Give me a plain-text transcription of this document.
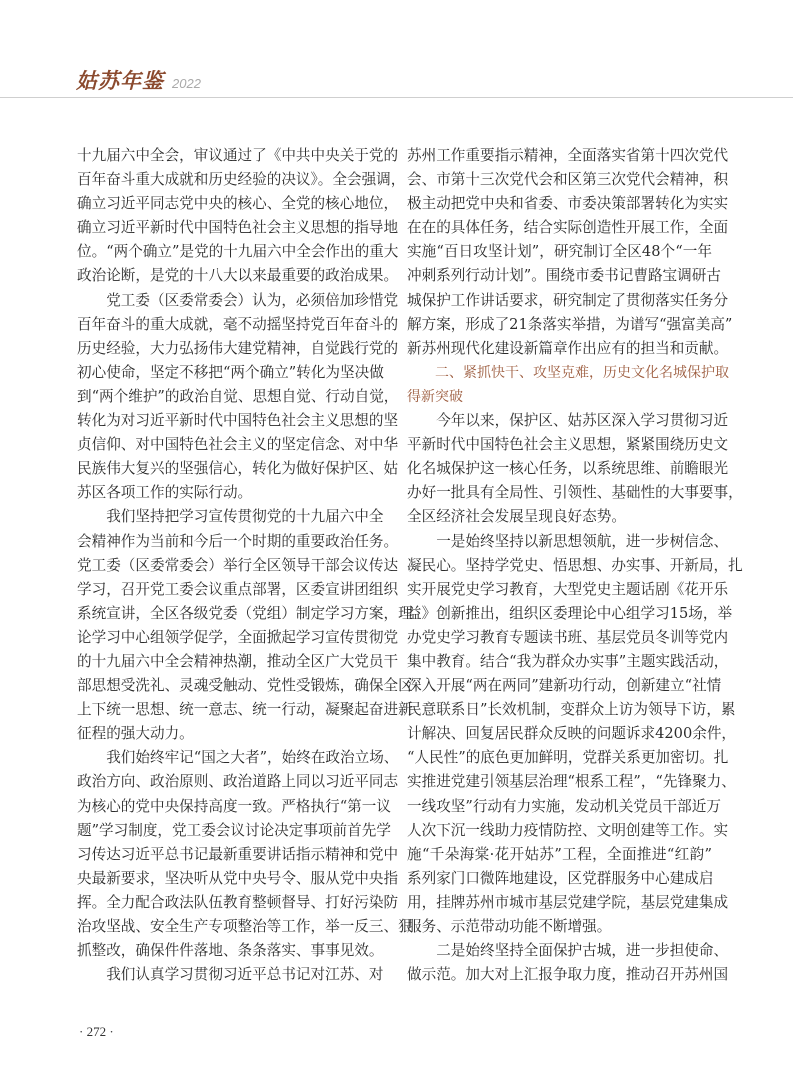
姑苏年鉴 2022
十九届六中全会，审议通过了《中共中央关于党的
百年奋斗重大成就和历史经验的决议》。全会强调，
确立习近平同志党中央的核心、全党的核心地位，
确立习近平新时代中国特色社会主义思想的指导地
位。“两个确立”是党的十九届六中全会作出的重大
政治论断，是党的十八大以来最重要的政治成果。
党工委（区委常委会）认为，必须倍加珍惜党
百年奋斗的重大成就，毫不动摇坚持党百年奋斗的
历史经验，大力弘扬伟大建党精神，自觉践行党的
初心使命，坚定不移把“两个确立”转化为坚决做
到“两个维护”的政治自觉、思想自觉、行动自觉，
转化为对习近平新时代中国特色社会主义思想的坚
贞信仰、对中国特色社会主义的坚定信念、对中华
民族伟大复兴的坚强信心，转化为做好保护区、姑
苏区各项工作的实际行动。
我们坚持把学习宣传贯彻党的十九届六中全
会精神作为当前和今后一个时期的重要政治任务。
党工委（区委常委会）举行全区领导干部会议传达
学习，召开党工委会议重点部署，区委宣讲团组织
系统宣讲，全区各级党委（党组）制定学习方案，理
论学习中心组领学促学，全面掀起学习宣传贯彻党
的十九届六中全会精神热潮，推动全区广大党员干
部思想受洗礼、灵魂受触动、党性受锻炼，确保全区
上下统一思想、统一意志、统一行动，凝聚起奋进新
征程的强大动力。
我们始终牢记“国之大者”，始终在政治立场、
政治方向、政治原则、政治道路上同以习近平同志
为核心的党中央保持高度一致。严格执行“第一议
题”学习制度，党工委会议讨论决定事项前首先学
习传达习近平总书记最新重要讲话指示精神和党中
央最新要求，坚决听从党中央号令、服从党中央指
挥。全力配合政法队伍教育整顿督导、打好污染防
治攻坚战、安全生产专项整治等工作，举一反三、狠
抓整改，确保件件落地、条条落实、事事见效。
我们认真学习贯彻习近平总书记对江苏、对
苏州工作重要指示精神，全面落实省第十四次党代
会、市第十三次党代会和区第三次党代会精神，积
极主动把党中央和省委、市委决策部署转化为实实
在在的具体任务，结合实际创造性开展工作，全面
实施“百日攻坚计划”，研究制订全区48个“一年
冲刺系列行动计划”。围绕市委书记曹路宝调研古
城保护工作讲话要求，研究制定了贯彻落实任务分
解方案，形成了21条落实举措，为谱写“强富美高”
新苏州现代化建设新篇章作出应有的担当和贡献。
二、紧抓快干、攻坚克难，历史文化名城保护取
得新突破
今年以来，保护区、姑苏区深入学习贯彻习近
平新时代中国特色社会主义思想，紧紧围绕历史文
化名城保护这一核心任务，以系统思维、前瞻眼光
办好一批具有全局性、引领性、基础性的大事要事，
全区经济社会发展呈现良好态势。
一是始终坚持以新思想领航，进一步树信念、
凝民心。坚持学党史、悟思想、办实事、开新局，扎
实开展党史学习教育，大型党史主题话剧《花开乐
益》创新推出，组织区委理论中心组学习15场，举
办党史学习教育专题读书班、基层党员冬训等党内
集中教育。结合“我为群众办实事”主题实践活动，
深入开展“两在两同”建新功行动，创新建立“社情
民意联系日”长效机制，变群众上访为领导下访，累
计解决、回复居民群众反映的问题诉求4200余件，
“人民性”的底色更加鲜明，党群关系更加密切。扎
实推进党建引领基层治理“根系工程”，“先锋聚力、
一线攻坚”行动有力实施，发动机关党员干部近万
人次下沉一线助力疫情防控、文明创建等工作。实
施“千朵海棠·花开姑苏”工程，全面推进“红韵”
系列家门口微阵地建设，区党群服务中心建成启
用，挂牌苏州市城市基层党建学院，基层党建集成
服务、示范带动功能不断增强。
二是始终坚持全面保护古城，进一步担使命、
做示范。加大对上汇报争取力度，推动召开苏州国
· 272 ·
